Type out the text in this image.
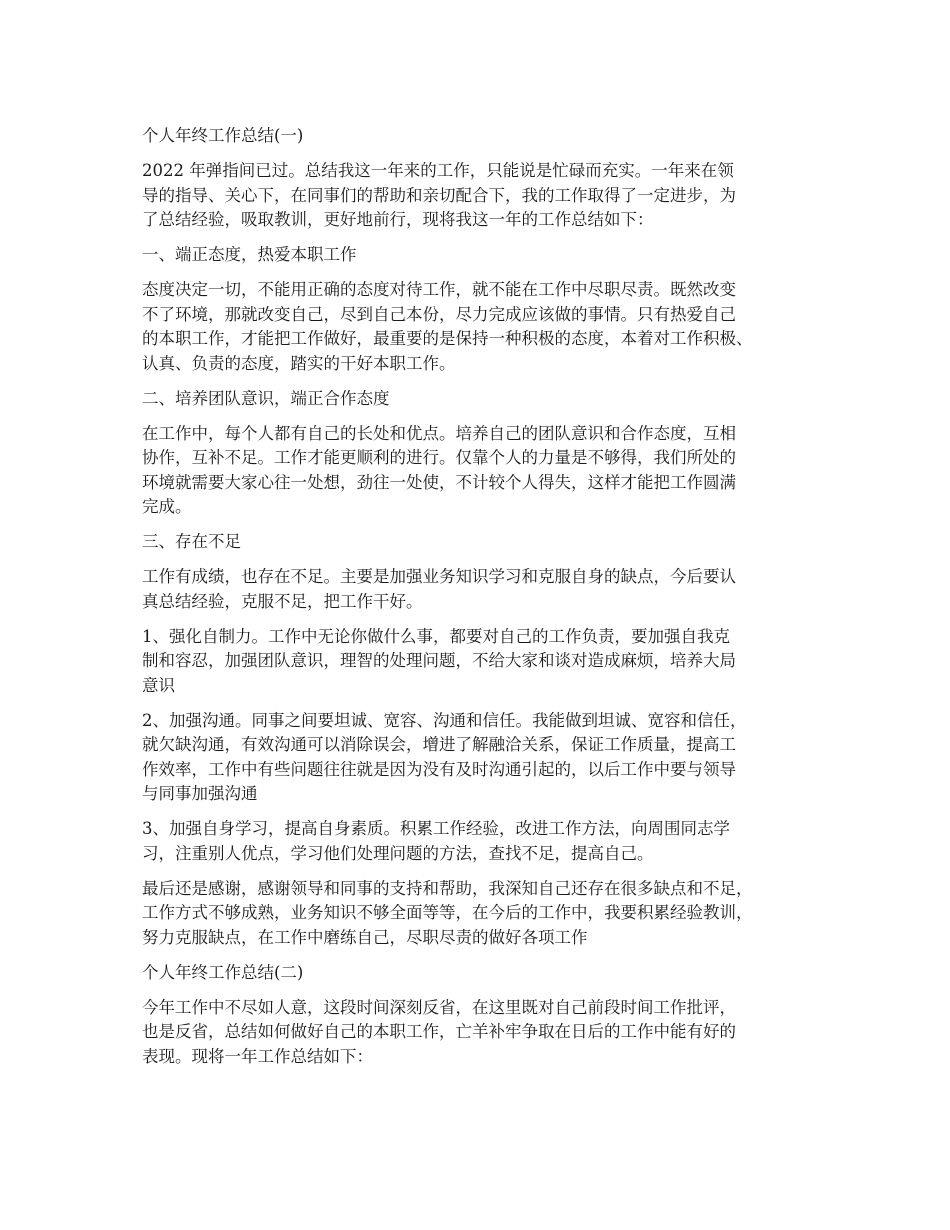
个人年终工作总结(一)
2022 年弹指间已过。总结我这一年来的工作，只能说是忙碌而充实。一年来在领
导的指导、关心下，在同事们的帮助和亲切配合下，我的工作取得了一定进步，为
了总结经验，吸取教训，更好地前行，现将我这一年的工作总结如下：
一、端正态度，热爱本职工作
态度决定一切，不能用正确的态度对待工作，就不能在工作中尽职尽责。既然改变
不了环境，那就改变自己，尽到自己本份，尽力完成应该做的事情。只有热爱自己
的本职工作，才能把工作做好，最重要的是保持一种积极的态度，本着对工作积极、
认真、负责的态度，踏实的干好本职工作。
二、培养团队意识，端正合作态度
在工作中，每个人都有自己的长处和优点。培养自己的团队意识和合作态度，互相
协作，互补不足。工作才能更顺利的进行。仅靠个人的力量是不够得，我们所处的
环境就需要大家心往一处想，劲往一处使，不计较个人得失，这样才能把工作圆满
完成。
三、存在不足
工作有成绩，也存在不足。主要是加强业务知识学习和克服自身的缺点，今后要认
真总结经验，克服不足，把工作干好。
1、强化自制力。工作中无论你做什么事，都要对自己的工作负责，要加强自我克
制和容忍，加强团队意识，理智的处理问题，不给大家和谈对造成麻烦，培养大局
意识
2、加强沟通。同事之间要坦诚、宽容、沟通和信任。我能做到坦诚、宽容和信任，
就欠缺沟通，有效沟通可以消除误会，增进了解融洽关系，保证工作质量，提高工
作效率，工作中有些问题往往就是因为没有及时沟通引起的，以后工作中要与领导
与同事加强沟通
3、加强自身学习，提高自身素质。积累工作经验，改进工作方法，向周围同志学
习，注重别人优点，学习他们处理问题的方法，查找不足，提高自己。
最后还是感谢，感谢领导和同事的支持和帮助，我深知自己还存在很多缺点和不足，
工作方式不够成熟，业务知识不够全面等等，在今后的工作中，我要积累经验教训，
努力克服缺点，在工作中磨练自己，尽职尽责的做好各项工作
个人年终工作总结(二)
今年工作中不尽如人意，这段时间深刻反省，在这里既对自己前段时间工作批评，
也是反省，总结如何做好自己的本职工作，亡羊补牢争取在日后的工作中能有好的
表现。现将一年工作总结如下：
